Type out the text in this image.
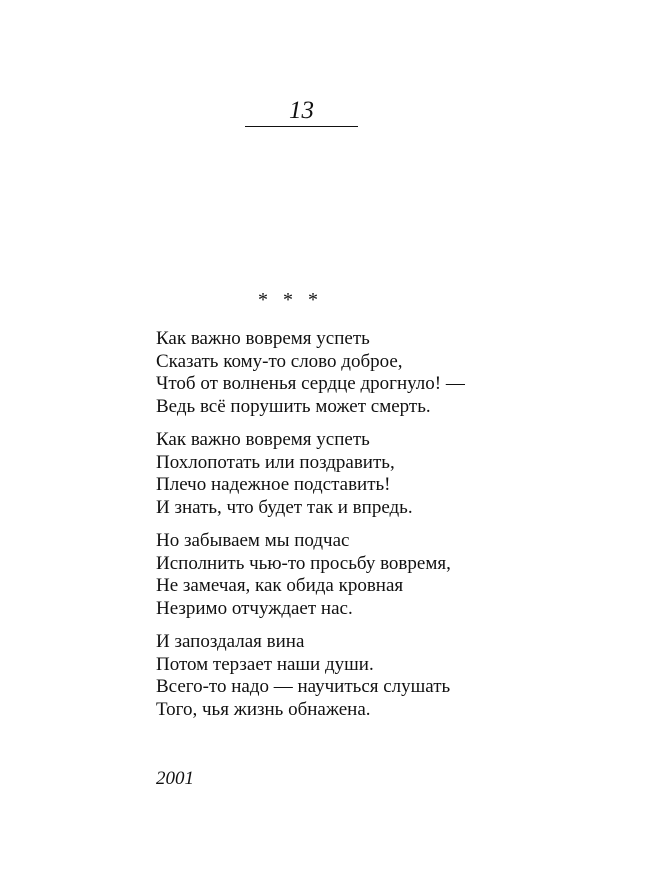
13
*   *   *
Как важно вовремя успеть
Сказать кому-то слово доброе,
Чтоб от волненья сердце дрогнуло! —
Ведь всё порушить может смерть.
Как важно вовремя успеть
Похлопотать или поздравить,
Плечо надежное подставить!
И знать, что будет так и впредь.
Но забываем мы подчас
Исполнить чью-то просьбу вовремя,
Не замечая, как обида кровная
Незримо отчуждает нас.
И запоздалая вина
Потом терзает наши души.
Всего-то надо — научиться слушать
Того, чья жизнь обнажена.
2001
